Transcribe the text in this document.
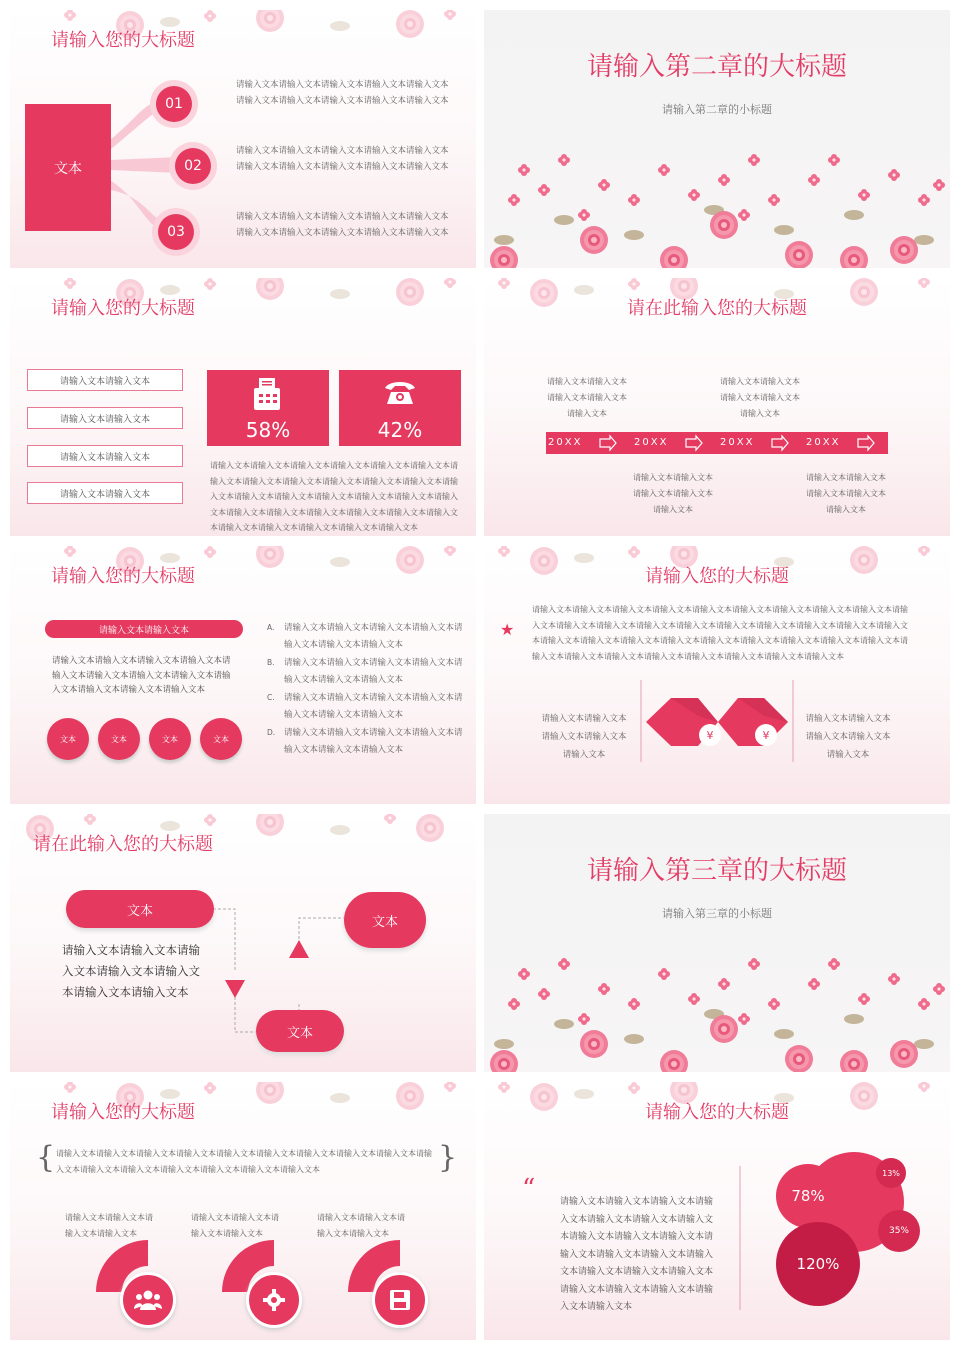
请输入您的大标题
文本
01
02
03
请输入文本请输入文本请输入文本请输入文本请输入文本请输入文本请输入文本请输入文本请输入文本请输入文本
请输入文本请输入文本请输入文本请输入文本请输入文本请输入文本请输入文本请输入文本请输入文本请输入文本
请输入文本请输入文本请输入文本请输入文本请输入文本请输入文本请输入文本请输入文本请输入文本请输入文本
请输入第二章的大标题
请输入第二章的小标题
请输入您的大标题
请输入文本请输入文本
请输入文本请输入文本
请输入文本请输入文本
请输入文本请输入文本
58%	42%
请输入文本请输入文本请输入文本请输入文本请输入文本请输入文本请输入文本请输入文本请输入文本请输入文本请输入文本请输入文本请输入文本请输入文本请输入文本请输入文本请输入文本请输入文本请输入文本请输入文本请输入文本请输入文本请输入文本请输入文本请输入文本请输入文本请输入文本请输入文本请输入文本请输入文本
请在此输入您的大标题
请输入文本请输入文本请输入文本请输入文本请输入文本
请输入文本请输入文本请输入文本请输入文本请输入文本
20XX	20XX	20XX	20XX
请输入文本请输入文本请输入文本请输入文本请输入文本
请输入文本请输入文本请输入文本请输入文本请输入文本
请输入您的大标题
请输入文本请输入文本
请输入文本请输入文本请输入文本请输入文本请输入文本请输入文本请输入文本请输入文本请输入文本请输入文本请输入文本请输入文本
文本	文本	文本	文本
A. 请输入文本请输入文本请输入文本请输入文本请输入文本请输入文本请输入文本
B. 请输入文本请输入文本请输入文本请输入文本请输入文本请输入文本请输入文本
C. 请输入文本请输入文本请输入文本请输入文本请输入文本请输入文本请输入文本
D. 请输入文本请输入文本请输入文本请输入文本请输入文本请输入文本请输入文本
请输入您的大标题
★
请输入文本请输入文本请输入文本请输入文本请输入文本请输入文本请输入文本请输入文本请输入文本请输入文本请输入文本请输入文本请输入文本请输入文本请输入文本请输入文本请输入文本请输入文本请输入文本请输入文本请输入文本请输入文本请输入文本请输入文本请输入文本请输入文本请输入文本请输入文本请输入文本请输入文本请输入文本请输入文本请输入文本请输入文本请输入文本请输入文本
¥	¥
请输入文本请输入文本请输入文本请输入文本请输入文本
请输入文本请输入文本请输入文本请输入文本请输入文本
请在此输入您的大标题
文本
请输入文本请输入文本请输入文本请输入文本请输入文本请输入文本请输入文本
文本
文本
请输入第三章的大标题
请输入第三章的小标题
请输入您的大标题
{	}
请输入文本请输入文本请输入文本请输入文本请输入文本请输入文本请输入文本请输入文本请输入文本请输入文本请输入文本请输入文本请输入文本请输入文本请输入文本请输入文本
请输入文本请输入文本请输入文本请输入文本
请输入文本请输入文本请输入文本请输入文本
请输入文本请输入文本请输入文本请输入文本
请输入您的大标题
“	请输入文本请输入文本请输入文本请输入文本请输入文本请输入文本请输入文本请输入文本请输入文本请输入文本请输入文本请输入文本请输入文本请输入文本请输入文本请输入文本请输入文本请输入文本请输入文本请输入文本请输入文本请输入文本
78%
13%
35%
120%
